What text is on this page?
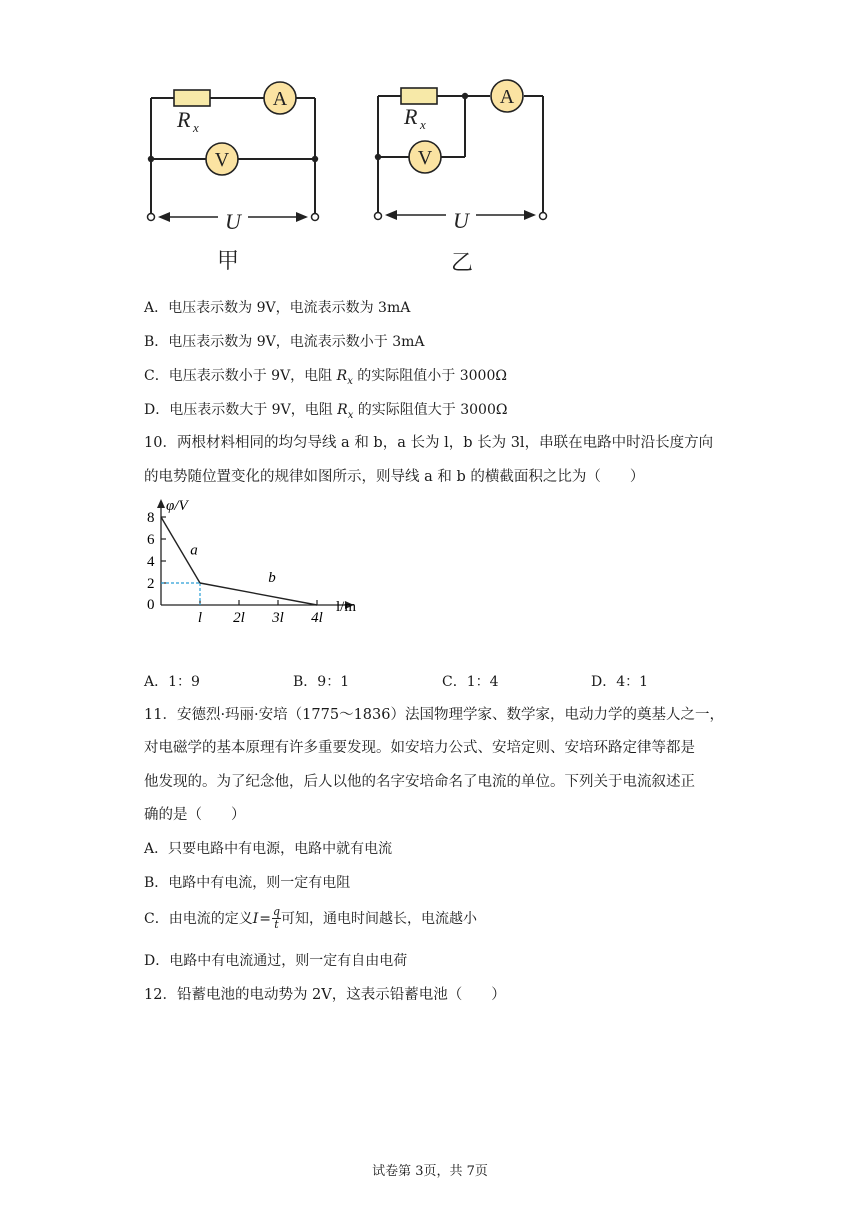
A
V
A
V
R	R
U	U
x	x
甲	乙
A．电压表示数为 9V，电流表示数为 3mA
B．电压表示数为 9V，电流表示数小于 3mA
C．电压表示数小于 9V，电阻 $R_x$ 的实际阻值小于 3000Ω
D．电压表示数大于 9V，电阻 $R_x$ 的实际阻值大于 3000Ω
10．两根材料相同的均匀导线 a 和 b，a 长为 l，b 长为 3l，串联在电路中时沿长度方向
的电势随位置变化的规律如图所示，则导线 a 和 b 的横截面积之比为（　　）
φ/V
l/m
8
6
4
2
0
l 2l 3l 4l
a
b
A．1：9	B．9：1	C．1：4	D．4：1
11．安德烈·玛丽·安培（1775～1836）法国物理学家、数学家，电动力学的奠基人之一，
对电磁学的基本原理有许多重要发现。如安培力公式、安培定则、安培环路定律等都是
他发现的。为了纪念他，后人以他的名字安培命名了电流的单位。下列关于电流叙述正
确的是（　　）
A．只要电路中有电源，电路中就有电流
B．电路中有电流，则一定有电阻
C．由电流的定义$I= \frac{q}{t}$ 可知，通电时间越长，电流越小
D．电路中有电流通过，则一定有自由电荷
12．铅蓄电池的电动势为 2V，这表示铅蓄电池（　　）
试卷第 3页，共 7页
